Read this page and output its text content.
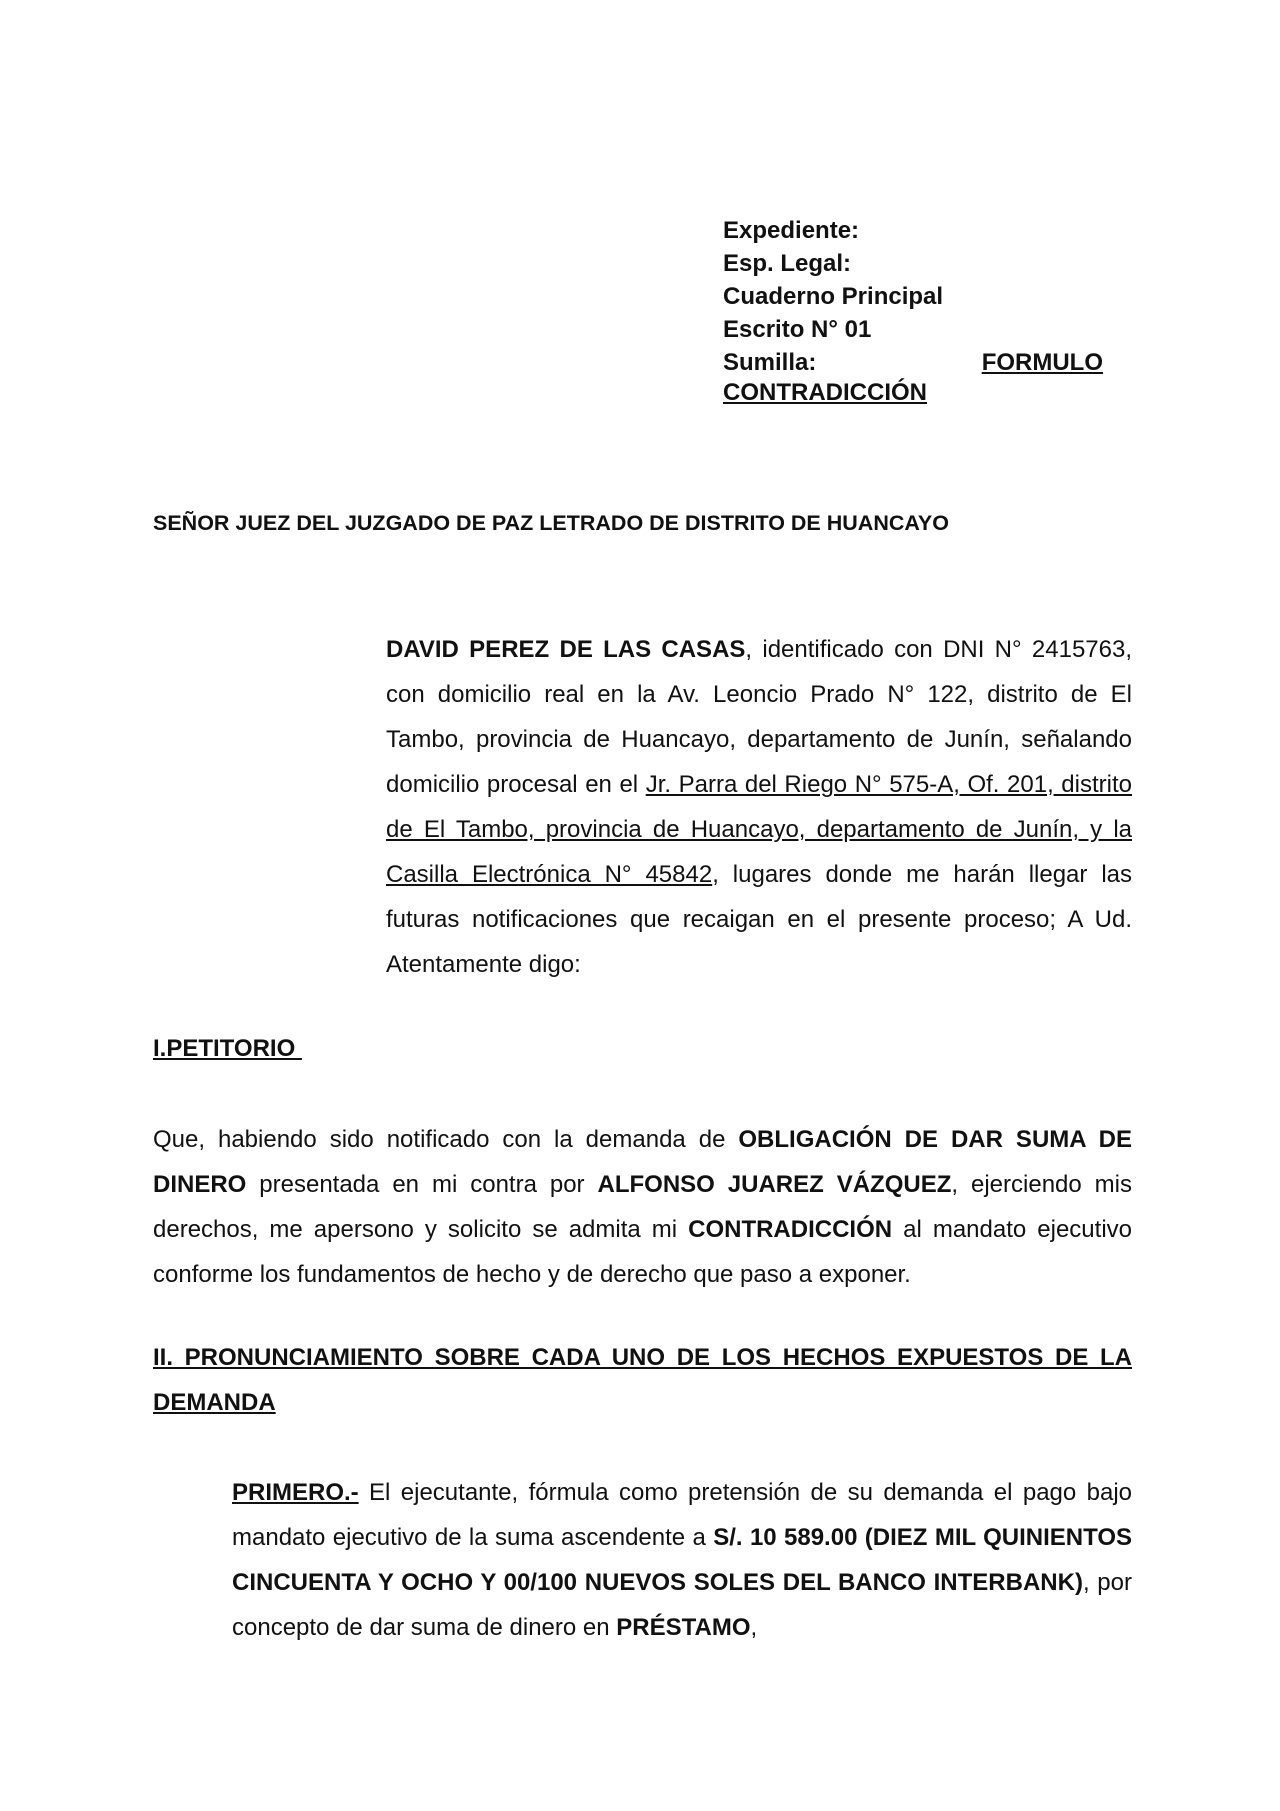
Expediente:
Esp. Legal:
Cuaderno Principal
Escrito N° 01
Sumilla:	FORMULO
CONTRADICCIÓN
SEÑOR JUEZ DEL JUZGADO DE PAZ LETRADO DE DISTRITO DE HUANCAYO
DAVID PEREZ DE LAS CASAS, identificado con DNI N° 2415763, con domicilio real en la Av. Leoncio Prado N° 122, distrito de El Tambo, provincia de Huancayo, departamento de Junín, señalando domicilio procesal en el Jr. Parra del Riego N° 575-A, Of. 201, distrito de El Tambo, provincia de Huancayo, departamento de Junín, y la Casilla Electrónica N° 45842, lugares donde me harán llegar las futuras notificaciones que recaigan en el presente proceso; A Ud. Atentamente digo:
I.PETITORIO
Que, habiendo sido notificado con la demanda de OBLIGACIÓN DE DAR SUMA DE DINERO presentada en mi contra por ALFONSO JUAREZ VÁZQUEZ, ejerciendo mis derechos, me apersono y solicito se admita mi CONTRADICCIÓN al mandato ejecutivo conforme los fundamentos de hecho y de derecho que paso a exponer.
II. PRONUNCIAMIENTO SOBRE CADA UNO DE LOS HECHOS EXPUESTOS DE LA DEMANDA
PRIMERO.- El ejecutante, fórmula como pretensión de su demanda el pago bajo mandato ejecutivo de la suma ascendente a S/. 10 589.00 (DIEZ MIL QUINIENTOS CINCUENTA Y OCHO Y 00/100 NUEVOS SOLES DEL BANCO INTERBANK), por concepto de dar suma de dinero en PRÉSTAMO,
